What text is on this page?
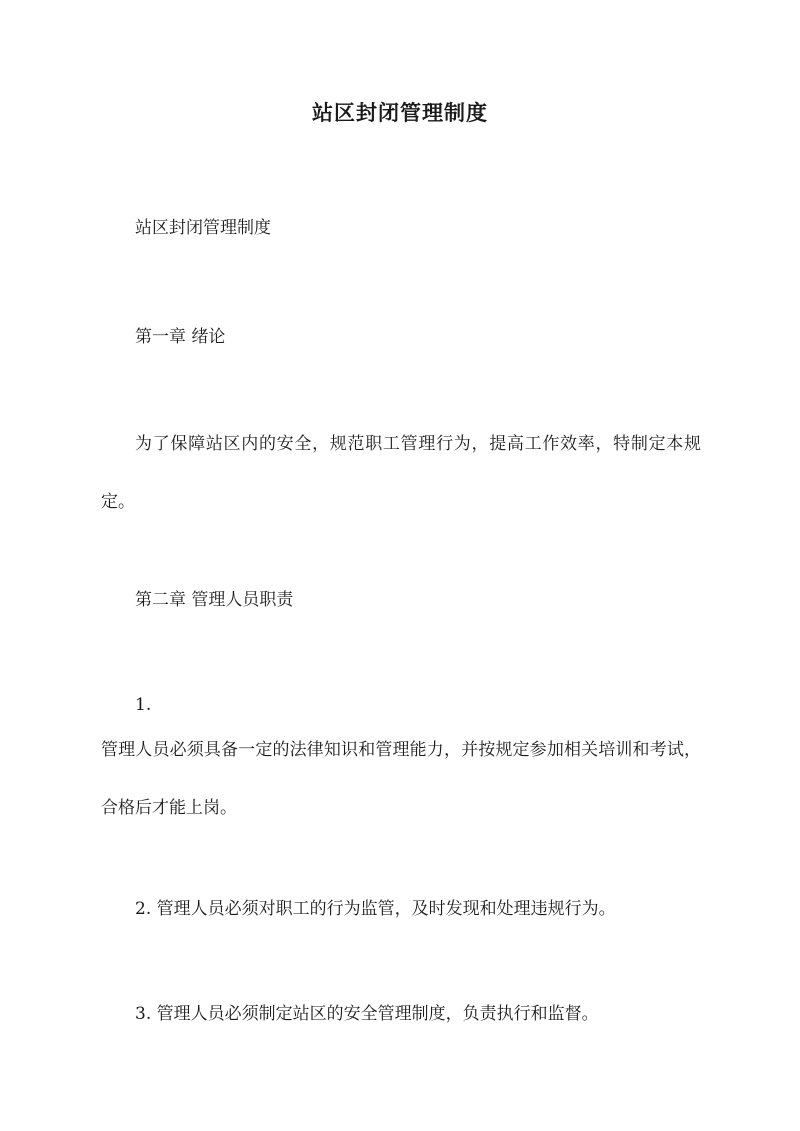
站区封闭管理制度
站区封闭管理制度
第一章 绪论
为了保障站区内的安全，规范职工管理行为，提高工作效率，特制定本规定。
第二章 管理人员职责
1.
管理人员必须具备一定的法律知识和管理能力，并按规定参加相关培训和考试，合格后才能上岗。
2. 管理人员必须对职工的行为监管，及时发现和处理违规行为。
3. 管理人员必须制定站区的安全管理制度，负责执行和监督。
